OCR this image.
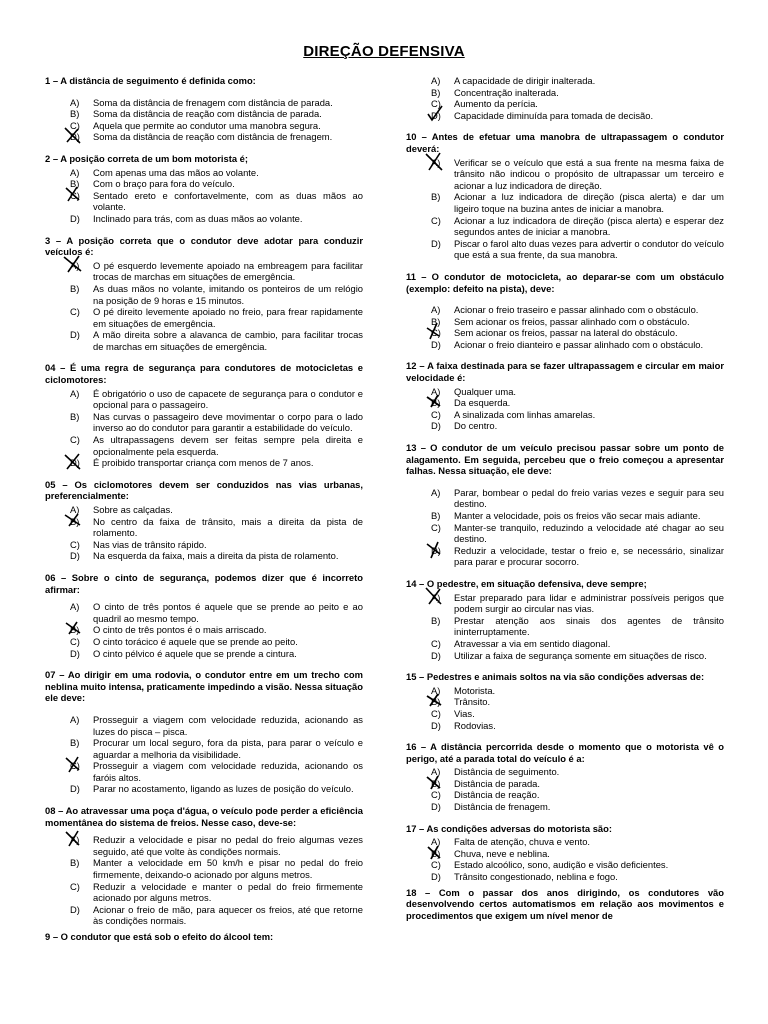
DIREÇÃO DEFENSIVA
1 – A distância de seguimento é definida como:
A) Soma da distância de frenagem com distância de parada.
B) Soma da distância de reação com distância de parada.
C) Aquela que permite ao condutor uma manobra segura.
D) Soma da distância de reação com distância de frenagem.
2 – A posição correta de um bom motorista é;
A) Com apenas uma das mãos ao volante.
B) Com o braço para fora do veículo.
C) Sentado ereto e confortavelmente, com as duas mãos ao volante.
D) Inclinado para trás, com as duas mãos ao volante.
3 – A posição correta que o condutor deve adotar para conduzir veículos é:
A) O pé esquerdo levemente apoiado na embreagem para facilitar trocas de marchas em situações de emergência.
B) As duas mãos no volante, imitando os ponteiros de um relógio na posição de 9 horas e 15 minutos.
C) O pé direito levemente apoiado no freio, para frear rapidamente em situações de emergência.
D) A mão direita sobre a alavanca de cambio, para facilitar trocas de marchas em situações de emergência.
04 – É uma regra de segurança para condutores de motocicletas e ciclomotores:
A) É obrigatório o uso de capacete de segurança para o condutor e opcional para o passageiro.
B) Nas curvas o passageiro deve movimentar o corpo para o lado inverso ao do condutor para garantir a estabilidade do veículo.
C) As ultrapassagens devem ser feitas sempre pela direita e opcionalmente pela esquerda.
D) É proibido transportar criança com menos de 7 anos.
05 – Os ciclomotores devem ser conduzidos nas vias urbanas, preferencialmente:
A) Sobre as calçadas.
B) No centro da faixa de trânsito, mais a direita da pista de rolamento.
C) Nas vias de trânsito rápido.
D) Na esquerda da faixa, mais a direita da pista de rolamento.
06 – Sobre o cinto de segurança, podemos dizer que é incorreto afirmar:
A) O cinto de três pontos é aquele que se prende ao peito e ao quadril ao mesmo tempo.
B) O cinto de três pontos é o mais arriscado.
C) O cinto torácico é aquele que se prende ao peito.
D) O cinto pélvico é aquele que se prende a cintura.
07 – Ao dirigir em uma rodovia, o condutor entre em um trecho com neblina muito intensa, praticamente impedindo a visão. Nessa situação ele deve:
A) Prosseguir a viagem com velocidade reduzida, acionando as luzes do pisca – pisca.
B) Procurar um local seguro, fora da pista, para parar o veículo e aguardar a melhoria da visibilidade.
C) Prosseguir a viagem com velocidade reduzida, acionando os faróis altos.
D) Parar no acostamento, ligando as luzes de posição do veículo.
08 – Ao atravessar uma poça d'água, o veículo pode perder a eficiência momentânea do sistema de freios. Nesse caso, deve-se:
A) Reduzir a velocidade e pisar no pedal do freio algumas vezes seguido, até que volte às condições normais.
B) Manter a velocidade em 50 km/h e pisar no pedal do freio firmemente, deixando-o acionado por alguns metros.
C) Reduzir a velocidade e manter o pedal do freio firmemente acionado por alguns metros.
D) Acionar o freio de mão, para aquecer os freios, até que retorne às condições normais.
9 – O condutor que está sob o efeito do álcool tem:
A) A capacidade de dirigir inalterada.
B) Concentração inalterada.
C) Aumento da perícia.
D) Capacidade diminuída para tomada de decisão.
10 – Antes de efetuar uma manobra de ultrapassagem o condutor deverá:
A) Verificar se o veículo que está a sua frente na mesma faixa de trânsito não indicou o propósito de ultrapassar um terceiro e acionar a luz indicadora de direção.
B) Acionar a luz indicadora de direção (pisca alerta) e dar um ligeiro toque na buzina antes de iniciar a manobra.
C) Acionar a luz indicadora de direção (pisca alerta) e esperar dez segundos antes de iniciar a manobra.
D) Piscar o farol alto duas vezes para advertir o condutor do veículo que está a sua frente, da sua manobra.
11 – O condutor de motocicleta, ao deparar-se com um obstáculo (exemplo: defeito na pista), deve:
A) Acionar o freio traseiro e passar alinhado com o obstáculo.
B) Sem acionar os freios, passar alinhado com o obstáculo.
C) Sem acionar os freios, passar na lateral do obstáculo.
D) Acionar o freio dianteiro e passar alinhado com o obstáculo.
12 – A faixa destinada para se fazer ultrapassagem e circular em maior velocidade é:
A) Qualquer uma.
B) Da esquerda.
C) A sinalizada com linhas amarelas.
D) Do centro.
13 – O condutor de um veículo precisou passar sobre um ponto de alagamento. Em seguida, percebeu que o freio começou a apresentar falhas. Nessa situação, ele deve:
A) Parar, bombear o pedal do freio varias vezes e seguir para seu destino.
B) Manter a velocidade, pois os freios vão secar mais adiante.
C) Manter-se tranquilo, reduzindo a velocidade até chagar ao seu destino.
D) Reduzir a velocidade, testar o freio e, se necessário, sinalizar para parar e procurar socorro.
14 – O pedestre, em situação defensiva, deve sempre;
A) Estar preparado para lidar e administrar possíveis perigos que podem surgir ao circular nas vias.
B) Prestar atenção aos sinais dos agentes de trânsito ininterruptamente.
C) Atravessar a via em sentido diagonal.
D) Utilizar a faixa de segurança somente em situações de risco.
15 – Pedestres e animais soltos na via são condições adversas de:
A) Motorista.
B) Trânsito.
C) Vias.
D) Rodovias.
16 – A distância percorrida desde o momento que o motorista vê o perigo, até a parada total do veículo é a:
A) Distância de seguimento.
B) Distância de parada.
C) Distância de reação.
D) Distância de frenagem.
17 – As condições adversas do motorista são:
A) Falta de atenção, chuva e vento.
B) Chuva, neve e neblina.
C) Estado alcoólico, sono, audição e visão deficientes.
D) Trânsito congestionado, neblina e fogo.
18 – Com o passar dos anos dirigindo, os condutores vão desenvolvendo certos automatismos em relação aos movimentos e procedimentos que exigem um nível menor de
